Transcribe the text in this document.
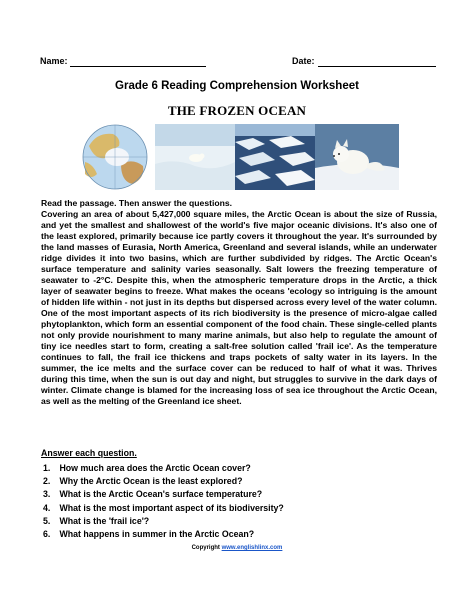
Name:	Date:
Grade 6 Reading Comprehension Worksheet
THE FROZEN OCEAN
Read the passage. Then answer the questions.
Covering an area of about 5,427,000 square miles, the Arctic Ocean is about the size of Russia, and yet the smallest and shallowest of the world's five major oceanic divisions. It's also one of the least explored, primarily because ice partly covers it throughout the year. It's surrounded by the land masses of Eurasia, North America, Greenland and several islands, while an underwater ridge divides it into two basins, which are further subdivided by ridges. The Arctic Ocean's surface temperature and salinity varies seasonally. Salt lowers the freezing temperature of seawater to -2°C. Despite this, when the atmospheric temperature drops in the Arctic, a thick layer of seawater begins to freeze. What makes the oceans 'ecology so intriguing is the amount of hidden life within - not just in its depths but dispersed across every level of the water column. One of the most important aspects of its rich biodiversity is the presence of micro-algae called phytoplankton, which form an essential component of the food chain. These single-celled plants not only provide nourishment to many marine animals, but also help to regulate the amount of tiny ice needles start to form, creating a salt-free solution called 'frail ice'. As the temperature continues to fall, the frail ice thickens and traps pockets of salty water in its layers. In the summer, the ice melts and the surface cover can be reduced to half of what it was. Thrives during this time, when the sun is out day and night, but struggles to survive in the dark days of winter. Climate change is blamed for the increasing loss of sea ice throughout the Arctic Ocean, as well as the melting of the Greenland ice sheet.
Answer each question.
1. How much area does the Arctic Ocean cover?
2. Why the Arctic Ocean is the least explored?
3. What is the Arctic Ocean's surface temperature?
4. What is the most important aspect of its biodiversity?
5. What is the 'frail ice'?
6. What happens in summer in the Arctic Ocean?
Copyright www.englishlinx.com
